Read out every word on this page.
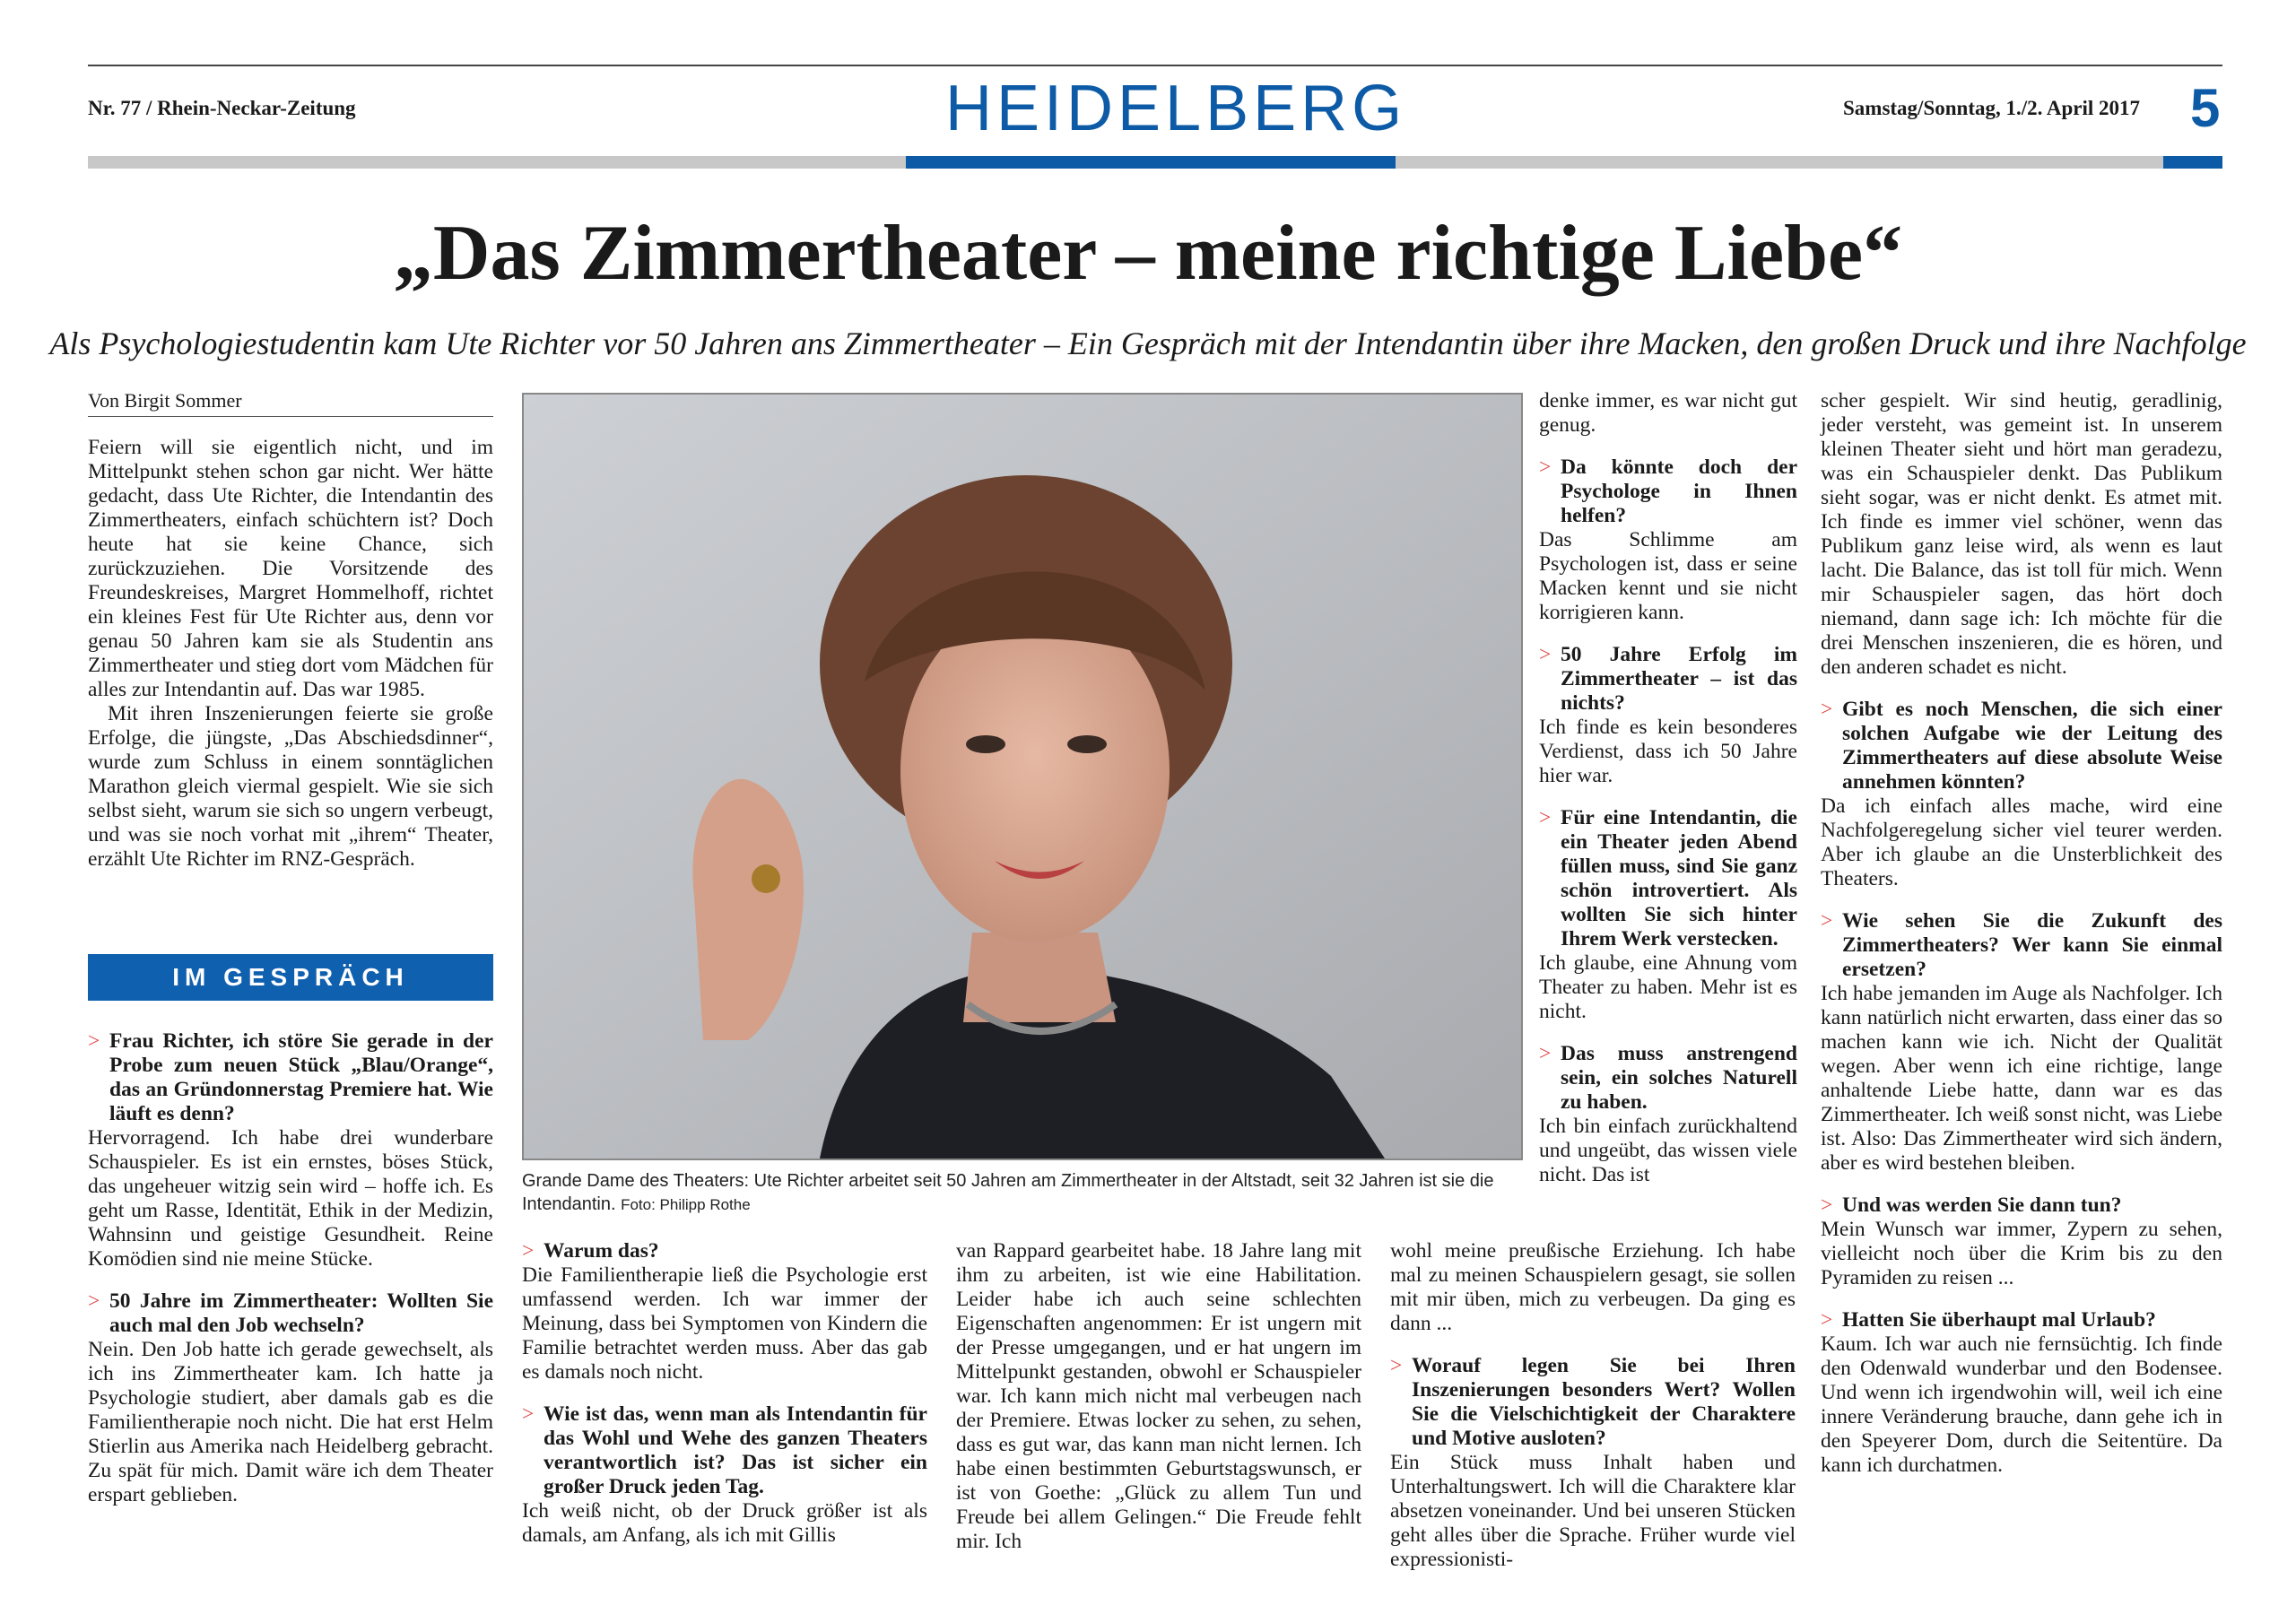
Nr. 77 / Rhein-Neckar-Zeitung	HEIDELBERG	Samstag/Sonntag, 1./2. April 2017 5
„Das Zimmertheater – meine richtige Liebe“
Als Psychologiestudentin kam Ute Richter vor 50 Jahren ans Zimmertheater – Ein Gespräch mit der Intendantin über ihre Macken, den großen Druck und ihre Nachfolge
Von Birgit Sommer

Feiern will sie eigentlich nicht, und im Mittelpunkt stehen schon gar nicht. Wer hätte gedacht, dass Ute Richter, die Intendantin des Zimmertheaters, einfach schüchtern ist? Doch heute hat sie keine Chance, sich zurückzuziehen. Die Vorsitzende des Freundeskreises, Margret Hommelhoff, richtet ein kleines Fest für Ute Richter aus, denn vor genau 50 Jahren kam sie als Studentin ans Zimmertheater und stieg dort vom Mädchen für alles zur Intendantin auf. Das war 1985.

Mit ihren Inszenierungen feierte sie große Erfolge, die jüngste, „Das Abschiedsdinner“, wurde zum Schluss in einem sonntäglichen Marathon gleich viermal gespielt. Wie sie sich selbst sieht, warum sie sich so ungern verbeugt, und was sie noch vorhat mit „ihrem“ Theater, erzählt Ute Richter im RNZ-Gespräch.

IM GESPRÄCH

> Frau Richter, ich störe Sie gerade in der Probe zum neuen Stück „Blau/Orange“, das an Gründonnerstag Premiere hat. Wie läuft es denn?

Hervorragend. Ich habe drei wunderbare Schauspieler. Es ist ein ernstes, böses Stück, das ungeheuer witzig sein wird – hoffe ich. Es geht um Rasse, Identität, Ethik in der Medizin, Wahnsinn und geistige Gesundheit. Reine Komödien sind nie meine Stücke.

> 50 Jahre im Zimmertheater: Wollten Sie auch mal den Job wechseln?

Nein. Den Job hatte ich gerade gewechselt, als ich ins Zimmertheater kam. Ich hatte ja Psychologie studiert, aber damals gab es die Familientherapie noch nicht. Die hat erst Helm Stierlin aus Amerika nach Heidelberg gebracht. Zu spät für mich. Damit wäre ich dem Theater erspart geblieben.

Grande Dame des Theaters: Ute Richter arbeitet seit 50 Jahren am Zimmertheater in der Altstadt, seit 32 Jahren ist sie die Intendantin. Foto: Philipp Rothe

> Warum das?

Die Familientherapie ließ die Psychologie erst umfassend werden. Ich war immer der Meinung, dass bei Symptomen von Kindern die Familie betrachtet werden muss. Aber das gab es damals noch nicht.

> Wie ist das, wenn man als Intendantin für das Wohl und Wehe des ganzen Theaters verantwortlich ist? Das ist sicher ein großer Druck jeden Tag.

Ich weiß nicht, ob der Druck größer ist als damals, am Anfang, als ich mit Gillis

van Rappard gearbeitet habe. 18 Jahre lang mit ihm zu arbeiten, ist wie eine Habilitation. Leider habe ich auch seine schlechten Eigenschaften angenommen: Er ist ungern mit der Presse umgegangen, und er hat ungern im Mittelpunkt gestanden, obwohl er Schauspieler war. Ich kann mich nicht mal verbeugen nach der Premiere. Etwas locker zu sehen, zu sehen, dass es gut war, das kann man nicht lernen. Ich habe einen bestimmten Geburtstagswunsch, er ist von Goethe: „Glück zu allem Tun und Freude bei allem Gelingen.“ Die Freude fehlt mir. Ich

denke immer, es war nicht gut genug.

> Da könnte doch der Psychologe in Ihnen helfen?

Das Schlimme am Psychologen ist, dass er seine Macken kennt und sie nicht korrigieren kann.

> 50 Jahre Erfolg im Zimmertheater – ist das nichts?

Ich finde es kein besonderes Verdienst, dass ich 50 Jahre hier war.

> Für eine Intendantin, die ein Theater jeden Abend füllen muss, sind Sie ganz schön introvertiert. Als wollten Sie sich hinter Ihrem Werk verstecken.

Ich glaube, eine Ahnung vom Theater zu haben. Mehr ist es nicht.

> Das muss anstrengend sein, ein solches Naturell zu haben.

Ich bin einfach zurückhaltend und ungeübt, das wissen viele nicht. Das ist

wohl meine preußische Erziehung. Ich habe mal zu meinen Schauspielern gesagt, sie sollen mit mir üben, mich zu verbeugen. Da ging es dann ...

> Worauf legen Sie bei Ihren Inszenierungen besonders Wert? Wollen Sie die Vielschichtigkeit der Charaktere und Motive ausloten?

Ein Stück muss Inhalt haben und Unterhaltungswert. Ich will die Charaktere klar absetzen voneinander. Und bei unseren Stücken geht alles über die Sprache. Früher wurde viel expressionisti-

scher gespielt. Wir sind heutig, geradlinig, jeder versteht, was gemeint ist. In unserem kleinen Theater sieht und hört man geradezu, was ein Schauspieler denkt. Das Publikum sieht sogar, was er nicht denkt. Es atmet mit. Ich finde es immer viel schöner, wenn das Publikum ganz leise wird, als wenn es laut lacht. Die Balance, das ist toll für mich. Wenn mir Schauspieler sagen, das hört doch niemand, dann sage ich: Ich möchte für die drei Menschen inszenieren, die es hören, und den anderen schadet es nicht.

> Gibt es noch Menschen, die sich einer solchen Aufgabe wie der Leitung des Zimmertheaters auf diese absolute Weise annehmen könnten?

Da ich einfach alles mache, wird eine Nachfolgeregelung sicher viel teurer werden. Aber ich glaube an die Unsterblichkeit des Theaters.

> Wie sehen Sie die Zukunft des Zimmertheaters? Wer kann Sie einmal ersetzen?

Ich habe jemanden im Auge als Nachfolger. Ich kann natürlich nicht erwarten, dass einer das so machen kann wie ich. Nicht der Qualität wegen. Aber wenn ich eine richtige, lange anhaltende Liebe hatte, dann war es das Zimmertheater. Ich weiß sonst nicht, was Liebe ist. Also: Das Zimmertheater wird sich ändern, aber es wird bestehen bleiben.

> Und was werden Sie dann tun?

Mein Wunsch war immer, Zypern zu sehen, vielleicht noch über die Krim bis zu den Pyramiden zu reisen ...

> Hatten Sie überhaupt mal Urlaub?

Kaum. Ich war auch nie fernsüchtig. Ich finde den Odenwald wunderbar und den Bodensee. Und wenn ich irgendwohin will, weil ich eine innere Veränderung brauche, dann gehe ich in den Speyerer Dom, durch die Seitentüre. Da kann ich durchatmen.
